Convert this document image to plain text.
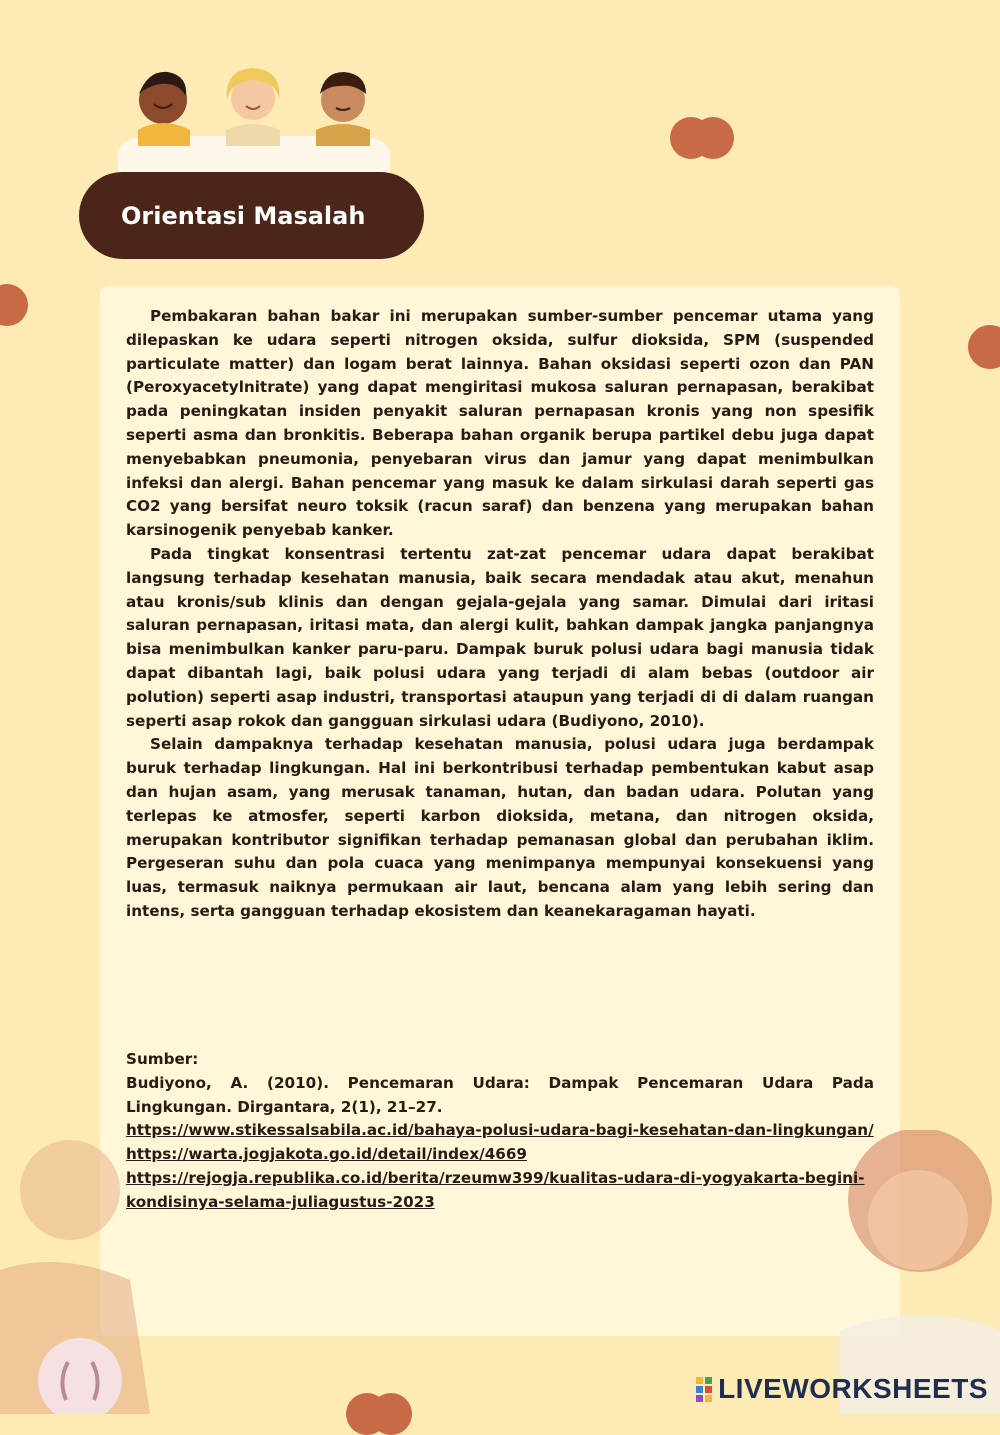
Orientasi Masalah

Pembakaran bahan bakar ini merupakan sumber-sumber pencemar utama yang dilepaskan ke udara seperti nitrogen oksida, sulfur dioksida, SPM (suspended particulate matter) dan logam berat lainnya. Bahan oksidasi seperti ozon dan PAN (Peroxyacetylnitrate) yang dapat mengiritasi mukosa saluran pernapasan, berakibat pada peningkatan insiden penyakit saluran pernapasan kronis yang non spesifik seperti asma dan bronkitis. Beberapa bahan organik berupa partikel debu juga dapat menyebabkan pneumonia, penyebaran virus dan jamur yang dapat menimbulkan infeksi dan alergi. Bahan pencemar yang masuk ke dalam sirkulasi darah seperti gas CO2 yang bersifat neuro toksik (racun saraf) dan benzena yang merupakan bahan karsinogenik penyebab kanker.

Pada tingkat konsentrasi tertentu zat-zat pencemar udara dapat berakibat langsung terhadap kesehatan manusia, baik secara mendadak atau akut, menahun atau kronis/sub klinis dan dengan gejala-gejala yang samar. Dimulai dari iritasi saluran pernapasan, iritasi mata, dan alergi kulit, bahkan dampak jangka panjangnya bisa menimbulkan kanker paru-paru. Dampak buruk polusi udara bagi manusia tidak dapat dibantah lagi, baik polusi udara yang terjadi di alam bebas (outdoor air polution) seperti asap industri, transportasi ataupun yang terjadi di di dalam ruangan seperti asap rokok dan gangguan sirkulasi udara (Budiyono, 2010).

Selain dampaknya terhadap kesehatan manusia, polusi udara juga berdampak buruk terhadap lingkungan. Hal ini berkontribusi terhadap pembentukan kabut asap dan hujan asam, yang merusak tanaman, hutan, dan badan udara. Polutan yang terlepas ke atmosfer, seperti karbon dioksida, metana, dan nitrogen oksida, merupakan kontributor signifikan terhadap pemanasan global dan perubahan iklim. Pergeseran suhu dan pola cuaca yang menimpanya mempunyai konsekuensi yang luas, termasuk naiknya permukaan air laut, bencana alam yang lebih sering dan intens, serta gangguan terhadap ekosistem dan keanekaragaman hayati.

Sumber:
Budiyono, A. (2010). Pencemaran Udara: Dampak Pencemaran Udara Pada Lingkungan. Dirgantara, 2(1), 21–27.
https://www.stikessalsabila.ac.id/bahaya-polusi-udara-bagi-kesehatan-dan-lingkungan/
https://warta.jogjakota.go.id/detail/index/4669
https://rejogja.republika.co.id/berita/rzeumw399/kualitas-udara-di-yogyakarta-begini-kondisinya-selama-juliagustus-2023
LIVEWORKSHEETS
